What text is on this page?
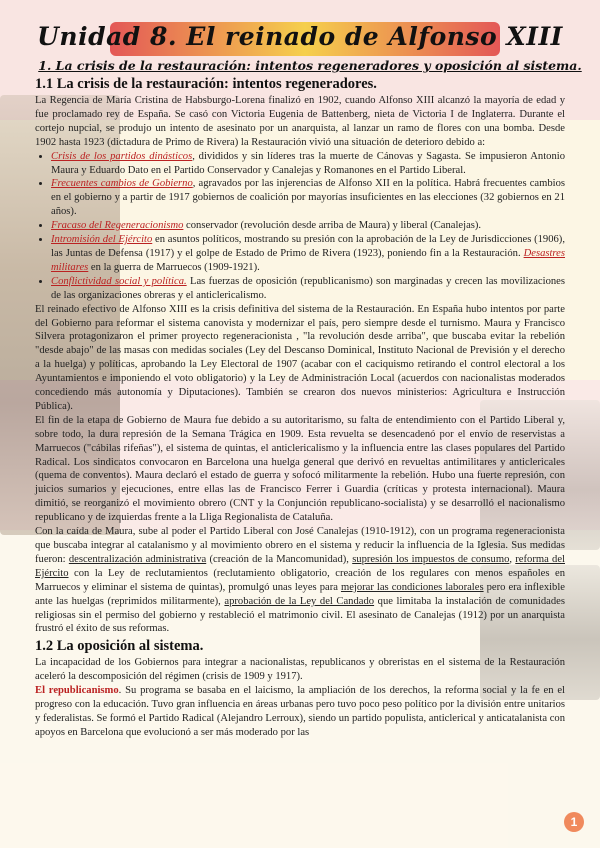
Unidad 8. El reinado de Alfonso XIII
1. La crisis de la restauración: intentos regeneradores y oposición al sistema.
1.1 La crisis de la restauración: intentos regeneradores.

La Regencia de María Cristina de Habsburgo-Lorena finalizó en 1902, cuando Alfonso XIII alcanzó la mayoría de edad y fue proclamado rey de España. Se casó con Victoria Eugenia de Battenberg, nieta de Victoria I de Inglaterra. Durante el cortejo nupcial, se produjo un intento de asesinato por un anarquista, al lanzar un ramo de flores con una bomba. Desde 1902 hasta 1923 (dictadura de Primo de Rivera) la Restauración vivió una situación de deterioro debido a:

• Crisis de los partidos dinásticos, divididos y sin líderes tras la muerte de Cánovas y Sagasta. Se impusieron Antonio Maura y Eduardo Dato en el Partido Conservador y Canalejas y Romanones en el Partido Liberal.
• Frecuentes cambios de Gobierno, agravados por las injerencias de Alfonso XII en la política. Habrá frecuentes cambios en el gobierno y a partir de 1917 gobiernos de coalición por mayorías insuficientes en las elecciones (32 gobiernos en 21 años).
• Fracaso del Regeneracionismo conservador (revolución desde arriba de Maura) y liberal (Canalejas).
• Intromisión del Ejército en asuntos políticos, mostrando su presión con la aprobación de la Ley de Jurisdicciones (1906), las Juntas de Defensa (1917) y el golpe de Estado de Primo de Rivera (1923), poniendo fin a la Restauración. Desastres militares en la guerra de Marruecos (1909-1921).
• Conflictividad social y política. Las fuerzas de oposición (republicanismo) son marginadas y crecen las movilizaciones de las organizaciones obreras y el anticlericalismo.

El reinado efectivo de Alfonso XIII es la crisis definitiva del sistema de la Restauración. En España hubo intentos por parte del Gobierno para reformar el sistema canovista y modernizar el país, pero siempre desde el turnismo. Maura y Francisco Silvera protagonizaron el primer proyecto regeneracionista , "la revolución desde arriba", que buscaba evitar la rebelión "desde abajo" de las masas con medidas sociales (Ley del Descanso Dominical, Instituto Nacional de Previsión y el derecho a la huelga) y políticas, aprobando la Ley Electoral de 1907 (acabar con el caciquismo retirando el control electoral a los Ayuntamientos e imponiendo el voto obligatorio) y la Ley de Administración Local (acuerdos con nacionalistas moderados concediendo más autonomía y Diputaciones). También se crearon dos nuevos ministerios: Agricultura e Instrucción Pública).

El fin de la etapa de Gobierno de Maura fue debido a su autoritarismo, su falta de entendimiento con el Partido Liberal y, sobre todo, la dura represión de la Semana Trágica en 1909. Esta revuelta se desencadenó por el envío de reservistas a Marruecos ("cábilas rifeñas"), el sistema de quintas, el anticlericalismo y la influencia entre las clases populares del Partido Radical. Los sindicatos convocaron en Barcelona una huelga general que derivó en revueltas antimilitares y anticlericales (quema de conventos). Maura declaró el estado de guerra y sofocó militarmente la rebelión. Hubo una fuerte represión, con juicios sumarios y ejecuciones, entre ellas las de Francisco Ferrer i Guardia (críticas y protesta internacional). Maura dimitió, se reorganizó el movimiento obrero (CNT y la Conjunción republicano-socialista) y se desarrolló el nacionalismo republicano y de izquierdas frente a la Lliga Regionalista de Cataluña.

Con la caída de Maura, sube al poder el Partido Liberal con José Canalejas (1910-1912), con un programa regeneracionista que buscaba integrar al catalanismo y al movimiento obrero en el sistema y reducir la influencia de la Iglesia. Sus medidas fueron: descentralización administrativa (creación de la Mancomunidad), supresión los impuestos de consumo, reforma del Ejército con la Ley de reclutamientos (reclutamiento obligatorio, creación de los regulares con menos españoles en Marruecos y eliminar el sistema de quintas), promulgó unas leyes para mejorar las condiciones laborales pero era inflexible ante las huelgas (reprimidos militarmente), aprobación de la Ley del Candado que limitaba la instalación de comunidades religiosas sin el permiso del gobierno y restableció el matrimonio civil. El asesinato de Canalejas (1912) por un anarquista frustró el éxito de sus reformas.

1.2 La oposición al sistema.

La incapacidad de los Gobiernos para integrar a nacionalistas, republicanos y obreristas en el sistema de la Restauración aceleró la descomposición del régimen (crisis de 1909 y 1917).

El republicanismo. Su programa se basaba en el laicismo, la ampliación de los derechos, la reforma social y la fe en el progreso con la educación. Tuvo gran influencia en áreas urbanas pero tuvo poco peso político por la división entre unitarios y federalistas. Se formó el Partido Radical (Alejandro Lerroux), siendo un partido populista, anticlerical y anticatalanista con apoyos en Barcelona que evolucionó a ser más moderado por las

1
